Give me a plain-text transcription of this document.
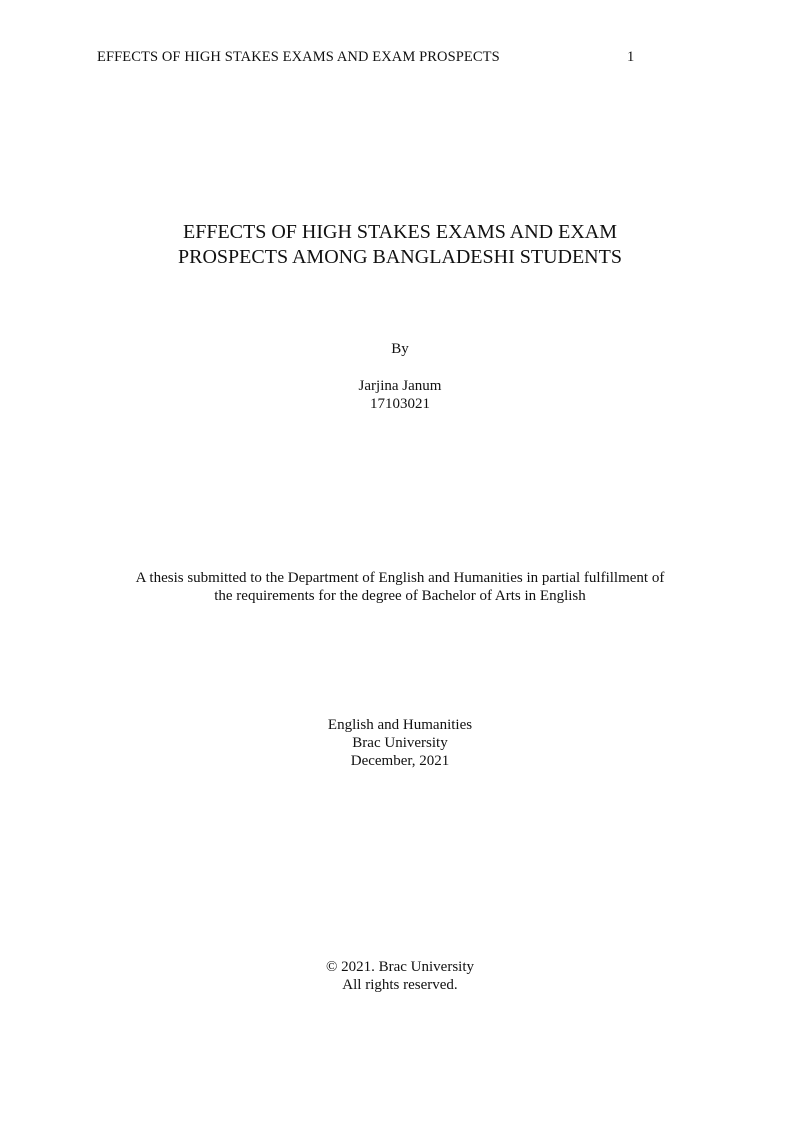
EFFECTS OF HIGH STAKES EXAMS AND EXAM PROSPECTS	1
EFFECTS OF HIGH STAKES EXAMS AND EXAM
PROSPECTS AMONG BANGLADESHI STUDENTS
By
Jarjina Janum
17103021
A thesis submitted to the Department of English and Humanities in partial fulfillment of
the requirements for the degree of Bachelor of Arts in English
English and Humanities
Brac University
December, 2021
© 2021. Brac University
All rights reserved.
